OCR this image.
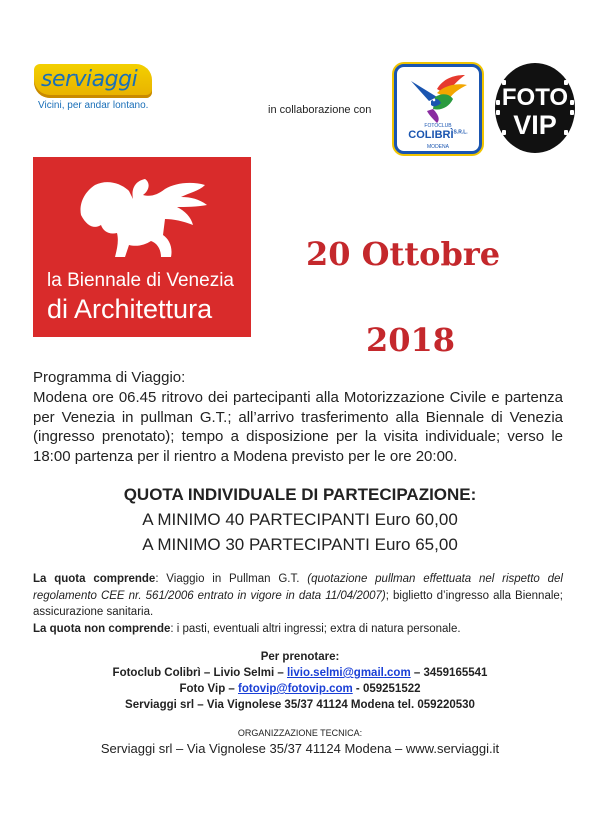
serviaggi
Vicini, per andar lontano.	in collaborazione con
FOTOCLUB
$COLIBRÌ^{S.R.L.}$
MODENA
FOTO
VIP
la Biennale di Venezia
di Architettura
20 Ottobre
2018
Programma di Viaggio:
Modena ore 06.45 ritrovo dei partecipanti alla Motorizzazione Civile e partenza per Venezia in pullman G.T.; all’arrivo trasferimento alla Biennale di Venezia (ingresso prenotato); tempo a disposizione per la visita individuale; verso le 18:00 partenza per il rientro a Modena previsto per le ore 20:00.
QUOTA INDIVIDUALE DI PARTECIPAZIONE:
A MINIMO 40 PARTECIPANTI Euro 60,00
A MINIMO 30 PARTECIPANTI Euro 65,00
La quota comprende: Viaggio in Pullman G.T. (quotazione pullman effettuata nel rispetto del regolamento CEE nr. 561/2006 entrato in vigore in data 11/04/2007); biglietto d’ingresso alla Biennale; assicurazione sanitaria.
La quota non comprende: i pasti, eventuali altri ingressi; extra di natura personale.
Per prenotare:
Fotoclub Colibrì – Livio Selmi – livio.selmi@gmail.com – 3459165541
Foto Vip – fotovip@fotovip.com - 059251522
Serviaggi srl – Via Vignolese 35/37 41124 Modena tel. 059220530
ORGANIZZAZIONE TECNICA:
Serviaggi srl – Via Vignolese 35/37 41124 Modena – www.serviaggi.it
